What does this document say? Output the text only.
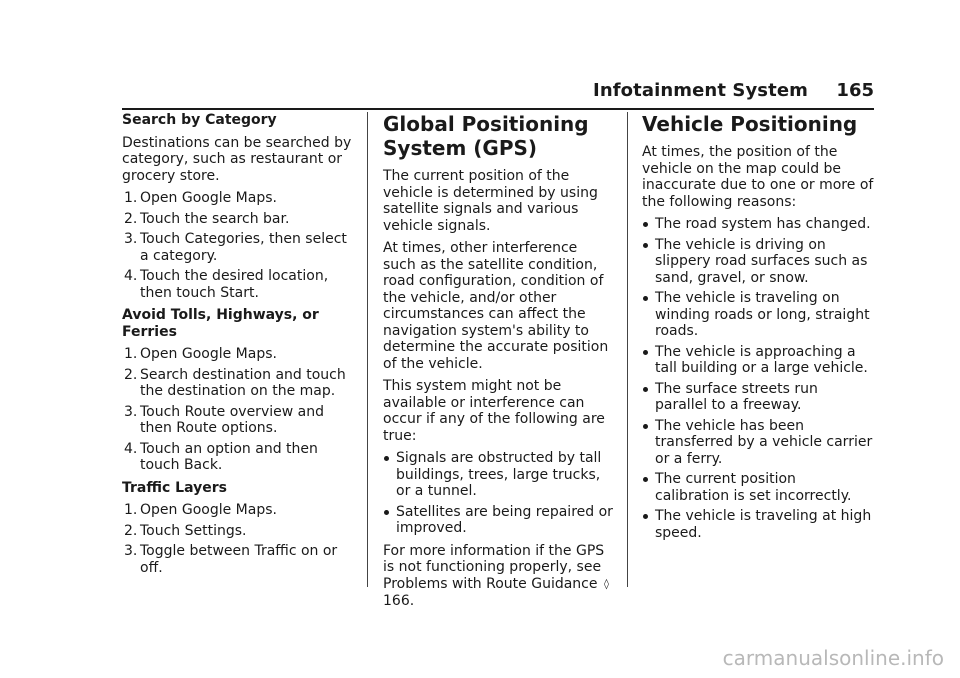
Infotainment System 165
Search by Category
Destinations can be searched by category, such as restaurant or grocery store.
1. Open Google Maps.
2. Touch the search bar.
3. Touch Categories, then select a category.
4. Touch the desired location, then touch Start.
Avoid Tolls, Highways, or Ferries
1. Open Google Maps.
2. Search destination and touch the destination on the map.
3. Touch Route overview and then Route options.
4. Touch an option and then touch Back.
Traffic Layers
1. Open Google Maps.
2. Touch Settings.
3. Toggle between Traffic on or off.
Global Positioning System (GPS)
The current position of the vehicle is determined by using satellite signals and various vehicle signals.
At times, other interference such as the satellite condition, road configuration, condition of the vehicle, and/or other circumstances can affect the navigation system's ability to determine the accurate position of the vehicle.
This system might not be available or interference can occur if any of the following are true:
Signals are obstructed by tall buildings, trees, large trucks, or a tunnel.
Satellites are being repaired or improved.
For more information if the GPS is not functioning properly, see Problems with Route Guidance ◊166.
Vehicle Positioning
At times, the position of the vehicle on the map could be inaccurate due to one or more of the following reasons:
The road system has changed.
The vehicle is driving on slippery road surfaces such as sand, gravel, or snow.
The vehicle is traveling on winding roads or long, straight roads.
The vehicle is approaching a tall building or a large vehicle.
The surface streets run parallel to a freeway.
The vehicle has been transferred by a vehicle carrier or a ferry.
The current position calibration is set incorrectly.
The vehicle is traveling at high speed.
carmanualsonline.info
